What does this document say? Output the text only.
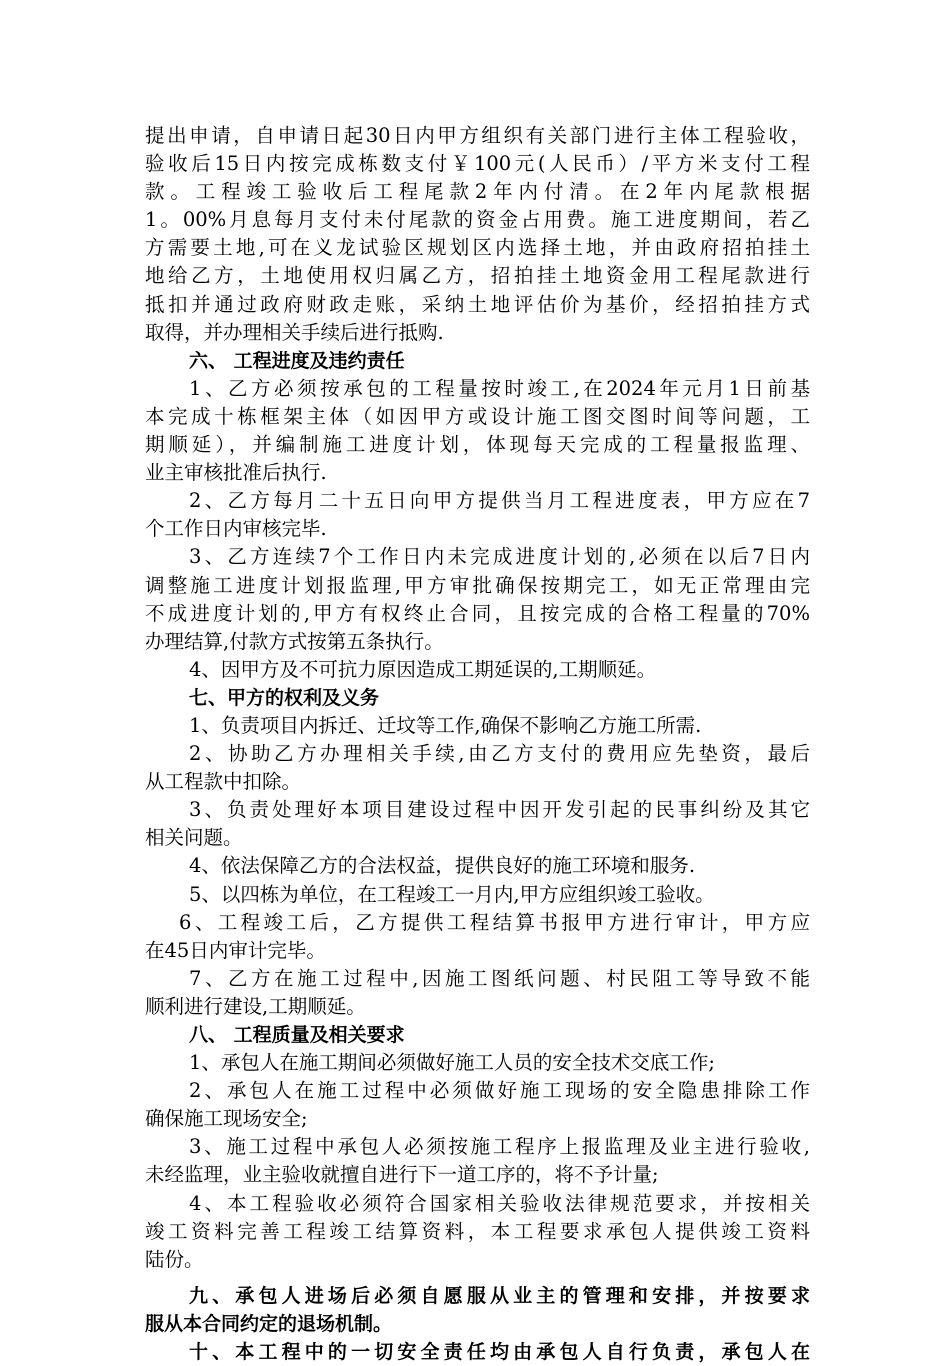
提出申请，自申请日起30日内甲方组织有关部门进行主体工程验收，
验收后15日内按完成栋数支付￥100元(人民币）/平方米支付工程
款。工程竣工验收后工程尾款2年内付清。在2年内尾款根据
1。00%月息每月支付未付尾款的资金占用费。施工进度期间，若乙
方需要土地,可在义龙试验区规划区内选择土地，并由政府招拍挂土
地给乙方，土地使用权归属乙方，招拍挂土地资金用工程尾款进行
抵扣并通过政府财政走账，采纳土地评估价为基价，经招拍挂方式
取得，并办理相关手续后进行抵购.
六、 工程进度及违约责任
1、乙方必须按承包的工程量按时竣工,在2024年元月1日前基
本完成十栋框架主体（如因甲方或设计施工图交图时间等问题，工
期顺延），并编制施工进度计划，体现每天完成的工程量报监理、
业主审核批准后执行.
2、乙方每月二十五日向甲方提供当月工程进度表，甲方应在7
个工作日内审核完毕.
3、乙方连续7个工作日内未完成进度计划的,必须在以后7日内
调整施工进度计划报监理,甲方审批确保按期完工，如无正常理由完
不成进度计划的,甲方有权终止合同，且按完成的合格工程量的70%
办理结算,付款方式按第五条执行。
4、因甲方及不可抗力原因造成工期延误的,工期顺延。
七、甲方的权利及义务
1、负责项目内拆迁、迁坟等工作,确保不影响乙方施工所需.
2、协助乙方办理相关手续,由乙方支付的费用应先垫资，最后
从工程款中扣除。
3、负责处理好本项目建设过程中因开发引起的民事纠纷及其它
相关问题。
4、依法保障乙方的合法权益，提供良好的施工环境和服务.
5、以四栋为单位，在工程竣工一月内,甲方应组织竣工验收。
6、工程竣工后，乙方提供工程结算书报甲方进行审计，甲方应
在45日内审计完毕。
7、乙方在施工过程中,因施工图纸问题、村民阻工等导致不能
顺利进行建设,工期顺延。
八、 工程质量及相关要求
1、承包人在施工期间必须做好施工人员的安全技术交底工作;
2、承包人在施工过程中必须做好施工现场的安全隐患排除工作
确保施工现场安全;
3、施工过程中承包人必须按施工程序上报监理及业主进行验收,
未经监理，业主验收就擅自进行下一道工序的，将不予计量;
4、本工程验收必须符合国家相关验收法律规范要求，并按相关
竣工资料完善工程竣工结算资料，本工程要求承包人提供竣工资料
陆份。
九、承包人进场后必须自愿服从业主的管理和安排，并按要求
服从本合同约定的退场机制。
十、本工程中的一切安全责任均由承包人自行负责，承包人在
